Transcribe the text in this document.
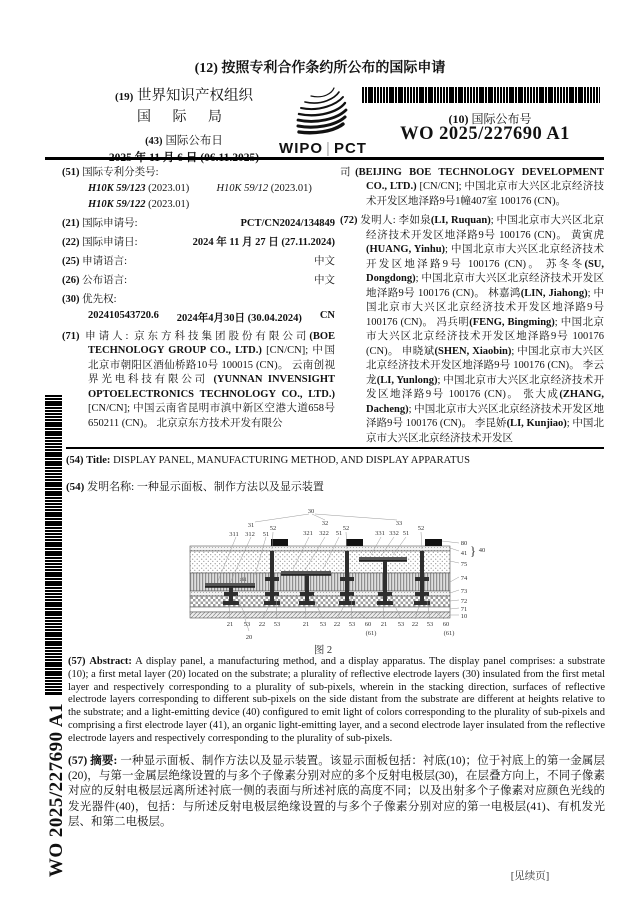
(12) 按照专利合作条约所公布的国际申请
(19) 世界知识产权组织
国 际 局
(43) 国际公布日	WIPO | PCT
(10) 国际公布号
WO 2025/227690 A1
(51) 国际专利分类号:
H10K 59/123 (2023.01)	H10K 59/12 (2023.01)
H10K 59/122 (2023.01)
(21) 国际申请号:	PCT/CN2024/134849
(22) 国际申请日:	2024 年 11 月 27 日 (27.11.2024)
(25) 申请语言:	中文
(26) 公布语言:	中文
(30) 优先权:
202410543720.6 2024年4月30日 (30.04.2024) CN
(71) 申请人: 京东方科技集团股份有限公司(BOE TECHNOLOGY GROUP CO., LTD.) [CN/CN]; 中国北京市朝阳区酒仙桥路10号 100015 (CN)。 云南创视界光电科技有限公司 (YUNNAN INVENSIGHT OPTOELECTRONICS TECHNOLOGY CO., LTD.) [CN/CN]; 中国云南省昆明市滇中新区空港大道658号 650211 (CN)。 北京京东方技术开发有限公
司(BEIJING BOE TECHNOLOGY DEVELOPMENT CO., LTD.) [CN/CN]; 中国北京市大兴区北京经济技术开发区地泽路9号1幢407室 100176 (CN)。
(72) 发明人: 李如泉(LI, Ruquan); 中国北京市大兴区北京经济技术开发区地泽路9号 100176 (CN)。 黄寅虎(HUANG, Yinhu); 中国北京市大兴区北京经济技术开发区地泽路9号 100176 (CN)。 苏冬冬(SU, Dongdong); 中国北京市大兴区北京经济技术开发区地泽路9号 100176 (CN)。 林嘉鸿(LIN, Jiahong); 中国北京市大兴区北京经济技术开发区地泽路9号 100176 (CN)。 冯兵明(FENG, Bingming); 中国北京市大兴区北京经济技术开发区地泽路9号 100176 (CN)。 申晓斌(SHEN, Xiaobin); 中国北京市大兴区北京经济技术开发区地泽路9号 100176 (CN)。 李云龙(LI, Yunlong); 中国北京市大兴区北京经济技术开发区地泽路9号 100176 (CN)。 张大成(ZHANG, Dacheng); 中国北京市大兴区北京经济技术开发区地泽路9号 100176 (CN)。 李昆娇(LI, Kunjiao); 中国北京市大兴区北京经济技术开发区
(54) Title: DISPLAY PANEL, MANUFACTURING METHOD, AND DISPLAY APPARATUS
(54) 发明名称: 一种显示面板、制作方法以及显示装置
30
31
311 312 51
52
32
321 322 51
52
33
331 332 51
52
80
41 } 40
75
74
73
72
71
10
21 53 22 53
20
21 53 22 53 60
(61)
21 53 22 53 60
(61)
↕61
图 2
(57) Abstract: A display panel, a manufacturing method, and a display apparatus. The display panel comprises: a substrate (10); a first metal layer (20) located on the substrate; a plurality of reflective electrode layers (30) insulated from the first metal layer and respectively corresponding to a plurality of sub-pixels, wherein in the stacking direction, surfaces of reflective electrode layers corresponding to different sub-pixels on the side distant from the substrate are different at heights relative to the substrate; and a light-emitting device (40) configured to emit light of colors corresponding to the plurality of sub-pixels and comprising a first electrode layer (41), an organic light-emitting layer, and a second electrode layer insulated from the reflective electrode layers and respectively corresponding to the plurality of sub-pixels.
(57) 摘要: 一种显示面板、制作方法以及显示装置。该显示面板包括：衬底(10)；位于衬底上的第一金属层(20)，与第一金属层绝缘设置的与多个子像素分别对应的多个反射电极层(30)，在层叠方向上，不同子像素对应的反射电极层远离所述衬底一侧的表面与所述衬底的高度不同；以及出射多个子像素对应颜色光线的发光器件(40)，包括：与所述反射电极层绝缘设置的与多个子像素分别对应的第一电极层(41)、有机发光层、和第二电极层。
WO 2025/227690 A1	[见续页]
